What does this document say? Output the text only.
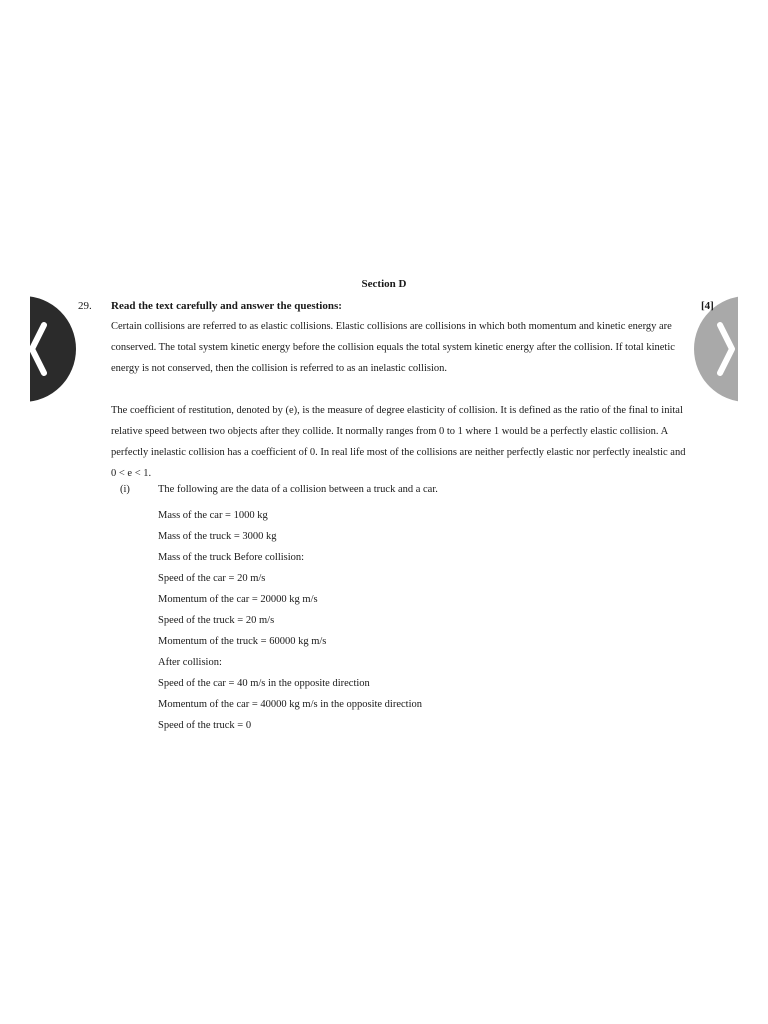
Section D
29. Read the text carefully and answer the questions:	[4]
Certain collisions are referred to as elastic collisions. Elastic collisions are collisions in which both momentum and kinetic energy are conserved. The total system kinetic energy before the collision equals the total system kinetic energy after the collision. If total kinetic energy is not conserved, then the collision is referred to as an inelastic collision.
The coefficient of restitution, denoted by (e), is the measure of degree elasticity of collision. It is defined as the ratio of the final to inital relative speed between two objects after they collide. It normally ranges from 0 to 1 where 1 would be a perfectly elastic collision. A perfectly inelastic collision has a coefficient of 0. In real life most of the collisions are neither perfectly elastic nor perfectly inealstic and 0 < e < 1.
(i)	The following are the data of a collision between a truck and a car.
Mass of the car = 1000 kg
Mass of the truck = 3000 kg
Mass of the truck Before collision:
Speed of the car = 20 m/s
Momentum of the car = 20000 kg m/s
Speed of the truck = 20 m/s
Momentum of the truck = 60000 kg m/s
After collision:
Speed of the car = 40 m/s in the opposite direction
Momentum of the car = 40000 kg m/s in the opposite direction
Speed of the truck = 0
